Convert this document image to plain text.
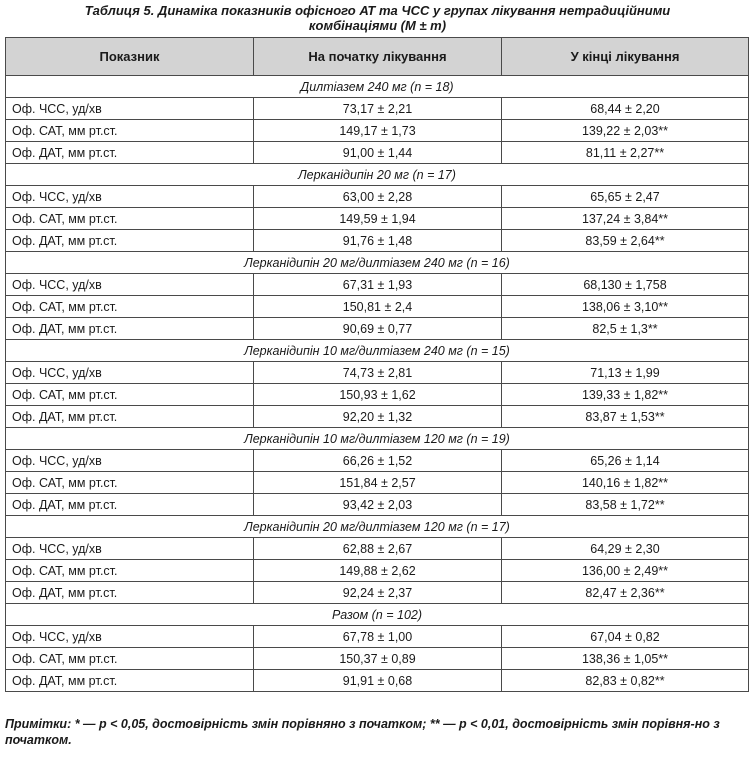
Таблиця 5. Динаміка показників офісного АТ та ЧСС у групах лікування нетрадиційними
комбінаціями (M ± m)
Показник	На початку лікування	У кінці лікування
Дилтіазем 240 мг (n = 18)		
Оф. ЧСС, уд/хв	73,17 ± 2,21	68,44 ± 2,20
Оф. САТ, мм рт.ст.	149,17 ± 1,73	139,22 ± 2,03**
Оф. ДАТ, мм рт.ст.	91,00 ± 1,44	81,11 ± 2,27**
Лерканідипін 20 мг (n = 17)		
Оф. ЧСС, уд/хв	63,00 ± 2,28	65,65 ± 2,47
Оф. САТ, мм рт.ст.	149,59 ± 1,94	137,24 ± 3,84**
Оф. ДАТ, мм рт.ст.	91,76 ± 1,48	83,59 ± 2,64**
Лерканідипін 20 мг/дилтіазем 240 мг (n = 16)		
Оф. ЧСС, уд/хв	67,31 ± 1,93	68,130 ± 1,758
Оф. САТ, мм рт.ст.	150,81 ± 2,4	138,06 ± 3,10**
Оф. ДАТ, мм рт.ст.	90,69 ± 0,77	82,5 ± 1,3**
Лерканідипін 10 мг/дилтіазем 240 мг (n = 15)		
Оф. ЧСС, уд/хв	74,73 ± 2,81	71,13 ± 1,99
Оф. САТ, мм рт.ст.	150,93 ± 1,62	139,33 ± 1,82**
Оф. ДАТ, мм рт.ст.	92,20 ± 1,32	83,87 ± 1,53**
Лерканідипін 10 мг/дилтіазем 120 мг (n = 19)		
Оф. ЧСС, уд/хв	66,26 ± 1,52	65,26 ± 1,14
Оф. САТ, мм рт.ст.	151,84 ± 2,57	140,16 ± 1,82**
Оф. ДАТ, мм рт.ст.	93,42 ± 2,03	83,58 ± 1,72**
Лерканідипін 20 мг/дилтіазем 120 мг (n = 17)		
Оф. ЧСС, уд/хв	62,88 ± 2,67	64,29 ± 2,30
Оф. САТ, мм рт.ст.	149,88 ± 2,62	136,00 ± 2,49**
Оф. ДАТ, мм рт.ст.	92,24 ± 2,37	82,47 ± 2,36**
Разом (n = 102)		
Оф. ЧСС, уд/хв	67,78 ± 1,00	67,04 ± 0,82
Оф. САТ, мм рт.ст.	150,37 ± 0,89	138,36 ± 1,05**
Оф. ДАТ, мм рт.ст.	91,91 ± 0,68	82,83 ± 0,82**
Примітки: * — p < 0,05, достовірність змін порівняно з початком; ** — p < 0,01, достовірність змін порівня-но з початком.
